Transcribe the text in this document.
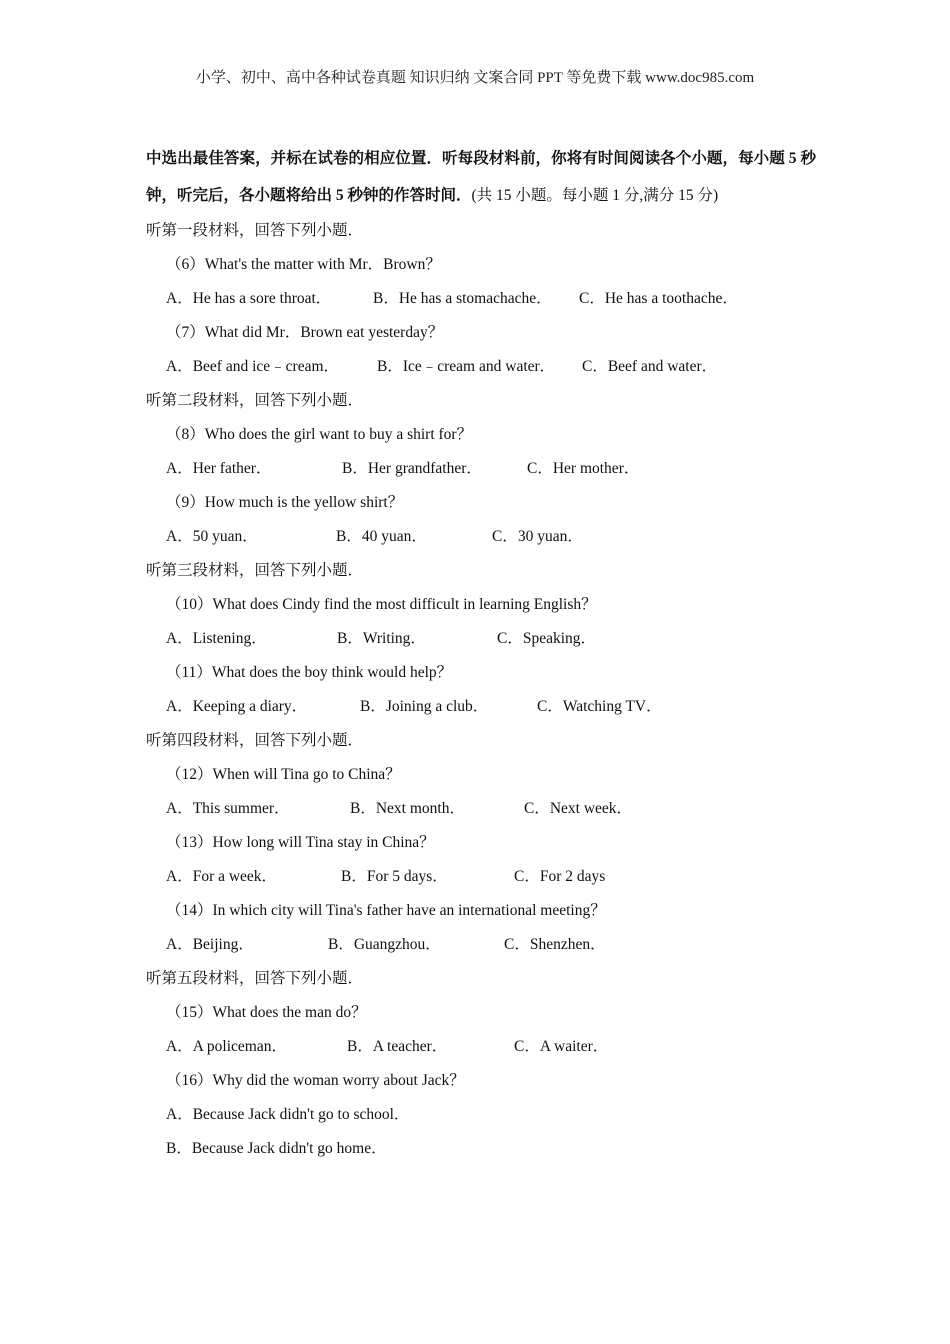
小学、初中、高中各种试卷真题 知识归纳 文案合同 PPT 等免费下载 www.doc985.com

中选出最佳答案，并标在试卷的相应位置．听每段材料前，你将有时间阅读各个小题，每小题 5 秒钟，听完后，各小题将给出 5 秒钟的作答时间．(共 15 小题。每小题 1 分,满分 15 分)

听第一段材料，回答下列小题．
（6）What's the matter with Mr．Brown？
A．He has a sore throat．	B．He has a stomachache．	C．He has a toothache．
（7）What did Mr．Brown eat yesterday？
A．Beef and ice﹣cream．	B．Ice﹣cream and water．	C．Beef and water．
听第二段材料，回答下列小题．
（8）Who does the girl want to buy a shirt for？
A．Her father．	B．Her grandfather．	C．Her mother．
（9）How much is the yellow shirt？
A．50 yuan．	B．40 yuan．	C．30 yuan．
听第三段材料，回答下列小题．
（10）What does Cindy find the most difficult in learning English？
A．Listening．	B．Writing．	C．Speaking．
（11）What does the boy think would help？
A．Keeping a diary．	B．Joining a club．	C．Watching TV．
听第四段材料，回答下列小题．
（12）When will Tina go to China？
A．This summer．	B．Next month．	C．Next week．
（13）How long will Tina stay in China？
A．For a week．	B．For 5 days．	C．For 2 days
（14）In which city will Tina's father have an international meeting？
A．Beijing．	B．Guangzhou．	C．Shenzhen．
听第五段材料，回答下列小题．
（15）What does the man do？
A．A policeman．	B．A teacher．	C．A waiter．
（16）Why did the woman worry about Jack？
A．Because Jack didn't go to school．
B．Because Jack didn't go home．
